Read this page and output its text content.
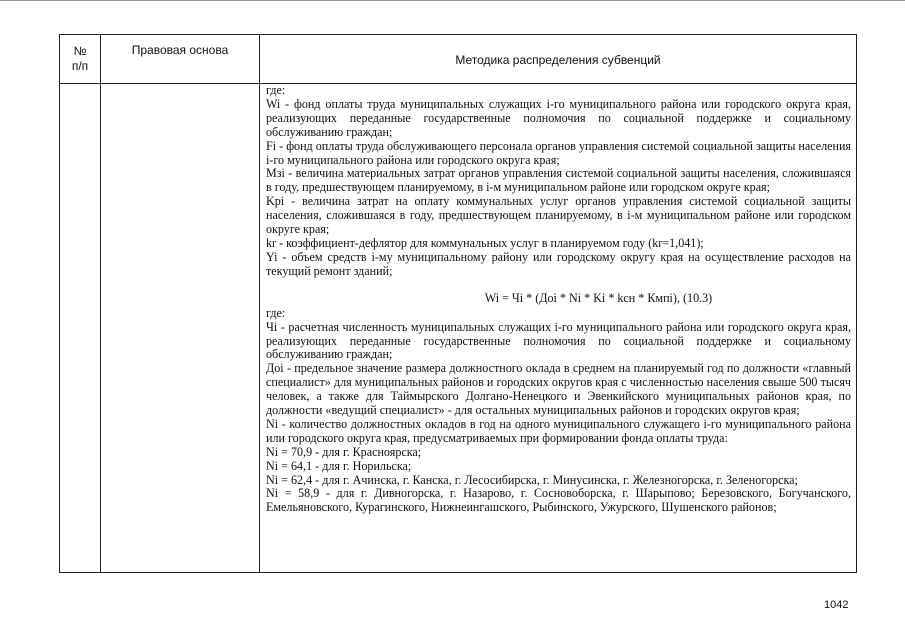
№
п/п
Правовая основа
Методика распределения субвенций

где:

Wi - фонд оплаты труда муниципальных служащих i-го муниципального района или городского округа края, реализующих переданные государственные полномочия по социальной поддержке и социальному обслуживанию граждан;

Fi - фонд оплаты труда обслуживающего персонала органов управления системой социальной защиты населения i-го муниципального района или городского округа края;

Mзi - величина материальных затрат органов управления системой социальной защиты населения, сложившаяся в году, предшествующем планируемому, в i-м муниципальном районе или городском округе края;

Kpi - величина затрат на оплату коммунальных услуг органов управления системой социальной защиты населения, сложившаяся в году, предшествующем планируемому, в i-м муниципальном районе или городском округе края;

kr - коэффициент-дефлятор для коммунальных услуг в планируемом году (kr=1,041);

Yi - объем средств i-му муниципальному району или городскому округу края на осуществление расходов на текущий ремонт зданий;

Wi = Чi * (Доi * Ni * Ki * kсн * Кмпi), (10.3)

где:

Чi - расчетная численность муниципальных служащих i-го муниципального района или городского округа края, реализующих переданные государственные полномочия по социальной поддержке и социальному обслуживанию граждан;

Доi - предельное значение размера должностного оклада в среднем на планируемый год по должности «главный специалист» для муниципальных районов и городских округов края с численностью населения свыше 500 тысяч человек, а также для Таймырского Долгано-Ненецкого и Эвенкийского муниципальных районов края, по должности «ведущий специалист» - для остальных муниципальных районов и городских округов края;

Ni - количество должностных окладов в год на одного муниципального служащего i-го муниципального района или городского округа края, предусматриваемых при формировании фонда оплаты труда:

Ni = 70,9 - для г. Красноярска;

Ni = 64,1 - для г. Норильска;

Ni = 62,4 - для г. Ачинска, г. Канска, г. Лесосибирска, г. Минусинска, г. Железногорска, г. Зеленогорска;

Ni = 58,9 - для г. Дивногорска, г. Назарово, г. Сосновоборска, г. Шарыпово; Березовского, Богучанского, Емельяновского, Курагинского, Нижнеингашского, Рыбинского, Ужурского, Шушенского районов;

1042
